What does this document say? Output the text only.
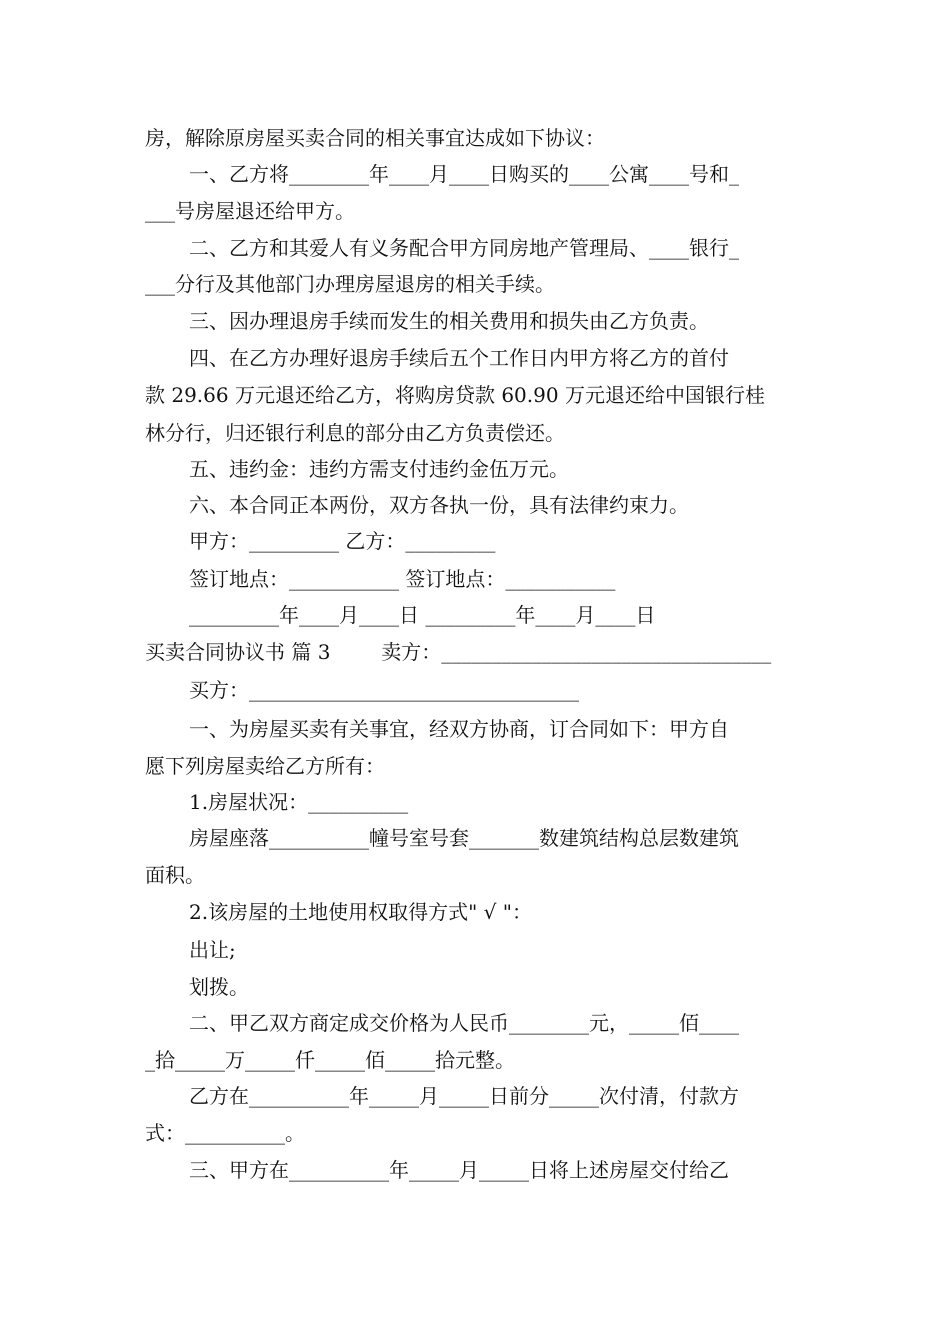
房，解除原房屋买卖合同的相关事宜达成如下协议：
一、乙方将________年____月____日购买的____公寓____号和_
___号房屋退还给甲方。
二、乙方和其爱人有义务配合甲方同房地产管理局、____银行_
___分行及其他部门办理房屋退房的相关手续。
三、因办理退房手续而发生的相关费用和损失由乙方负责。
四、在乙方办理好退房手续后五个工作日内甲方将乙方的首付
款 29.66 万元退还给乙方，将购房贷款 60.90 万元退还给中国银行桂
林分行，归还银行利息的部分由乙方负责偿还。
五、违约金：违约方需支付违约金伍万元。
六、本合同正本两份，双方各执一份，具有法律约束力。
甲方：_________ 乙方：_________
签订地点：___________ 签订地点：___________
_________年____月____日 _________年____月____日
买卖合同协议书 篇 3        卖方：_________________________________
买方：_________________________________
一、为房屋买卖有关事宜，经双方协商，订合同如下：甲方自
愿下列房屋卖给乙方所有：
1.房屋状况：__________
房屋座落__________幢号室号套_______数建筑结构总层数建筑
面积。
2.该房屋的土地使用权取得方式" √ "：
出让;
划拨。
二、甲乙双方商定成交价格为人民币________元，_____佰____
_拾_____万_____仟_____佰_____拾元整。
乙方在__________年_____月_____日前分_____次付清，付款方
式：__________。
三、甲方在__________年_____月_____日将上述房屋交付给乙
